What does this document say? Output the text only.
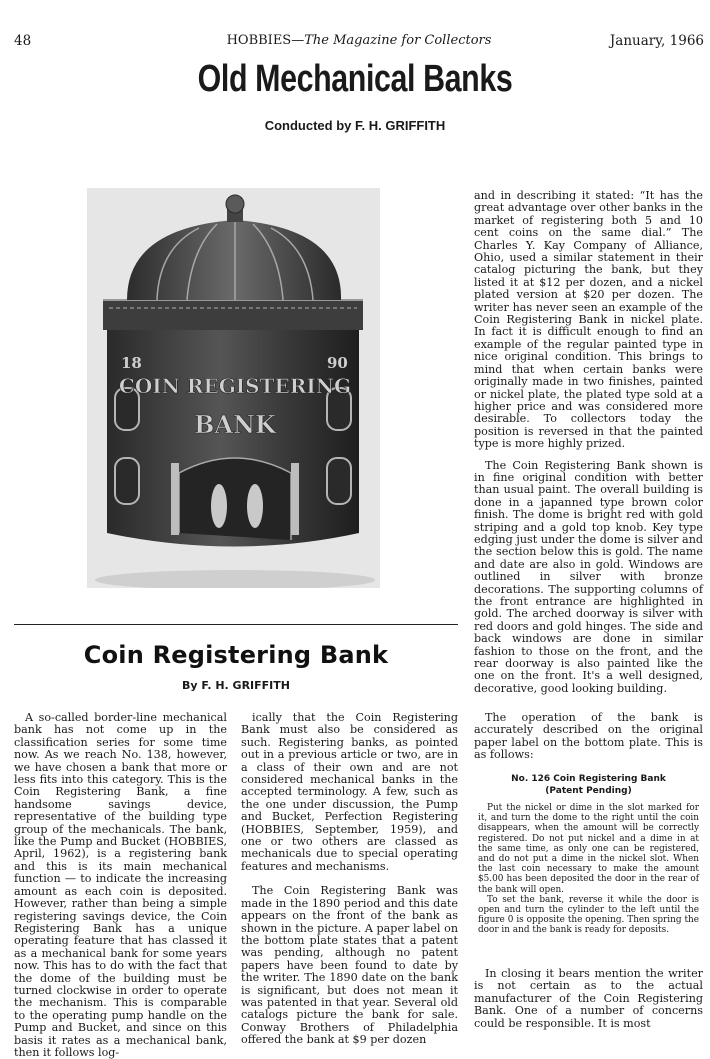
48	HOBBIES—The Magazine for Collectors	January, 1966
Old Mechanical Banks
Conducted by F. H. GRIFFITH
COIN REGISTERING
BANK
18	90
Coin Registering Bank
By F. H. GRIFFITH

A so-called border-line mechanical bank has not come up in the classification series for some time now. As we reach No. 138, however, we have chosen a bank that more or less fits into this category. This is the Coin Registering Bank, a fine handsome savings device, representative of the building type group of the mechanicals. The bank, like the Pump and Bucket (HOBBIES, April, 1962), is a registering bank and this is its main mechanical function — to indicate the increasing amount as each coin is deposited. However, rather than being a simple registering savings device, the Coin Registering Bank has a unique operating feature that has classed it as a mechanical bank for some years now. This has to do with the fact that the dome of the building must be turned clockwise in order to operate the mechanism. This is comparable to the operating pump handle on the Pump and Bucket, and since on this basis it rates as a mechanical bank, then it follows log-

ically that the Coin Registering Bank must also be considered as such. Registering banks, as pointed out in a previous article or two, are in a class of their own and are not considered mechanical banks in the accepted terminology. A few, such as the one under discussion, the Pump and Bucket, Perfection Registering (HOBBIES, September, 1959), and one or two others are classed as mechanicals due to special operating features and mechanisms.

The Coin Registering Bank was made in the 1890 period and this date appears on the front of the bank as shown in the picture. A paper label on the bottom plate states that a patent was pending, although no patent papers have been found to date by the writer. The 1890 date on the bank is significant, but does not mean it was patented in that year. Several old catalogs picture the bank for sale. Conway Brothers of Philadelphia offered the bank at $9 per dozen

and in describing it stated: “It has the great advantage over other banks in the market of registering both 5 and 10 cent coins on the same dial.” The Charles Y. Kay Company of Alliance, Ohio, used a similar statement in their catalog picturing the bank, but they listed it at $12 per dozen, and a nickel plated version at $20 per dozen. The writer has never seen an example of the Coin Registering Bank in nickel plate. In fact it is difficult enough to find an example of the regular painted type in nice original condition. This brings to mind that when certain banks were originally made in two finishes, painted or nickel plate, the plated type sold at a higher price and was considered more desirable. To collectors today the position is reversed in that the painted type is more highly prized.

The Coin Registering Bank shown is in fine original condition with better than usual paint. The overall building is done in a japanned type brown color finish. The dome is bright red with gold striping and a gold top knob. Key type edging just under the dome is silver and the section below this is gold. The name and date are also in gold. Windows are outlined in silver with bronze decorations. The supporting columns of the front entrance are highlighted in gold. The arched doorway is silver with red doors and gold hinges. The side and back windows are done in similar fashion to those on the front, and the rear doorway is also painted like the one on the front. It's a well designed, decorative, good looking building.

The operation of the bank is accurately described on the original paper label on the bottom plate. This is as follows:

No. 126 Coin Registering Bank
(Patent Pending)

Put the nickel or dime in the slot marked for it, and turn the dome to the right until the coin disappears, when the amount will be correctly registered. Do not put nickel and a dime in at the same time, as only one can be registered, and do not put a dime in the nickel slot. When the last coin necessary to make the amount $5.00 has been deposited the door in the rear of the bank will open.

To set the bank, reverse it while the door is open and turn the cylinder to the left until the figure 0 is opposite the opening. Then spring the door in and the bank is ready for deposits.

In closing it bears mention the writer is not certain as to the actual manufacturer of the Coin Registering Bank. One of a number of concerns could be responsible. It is most
